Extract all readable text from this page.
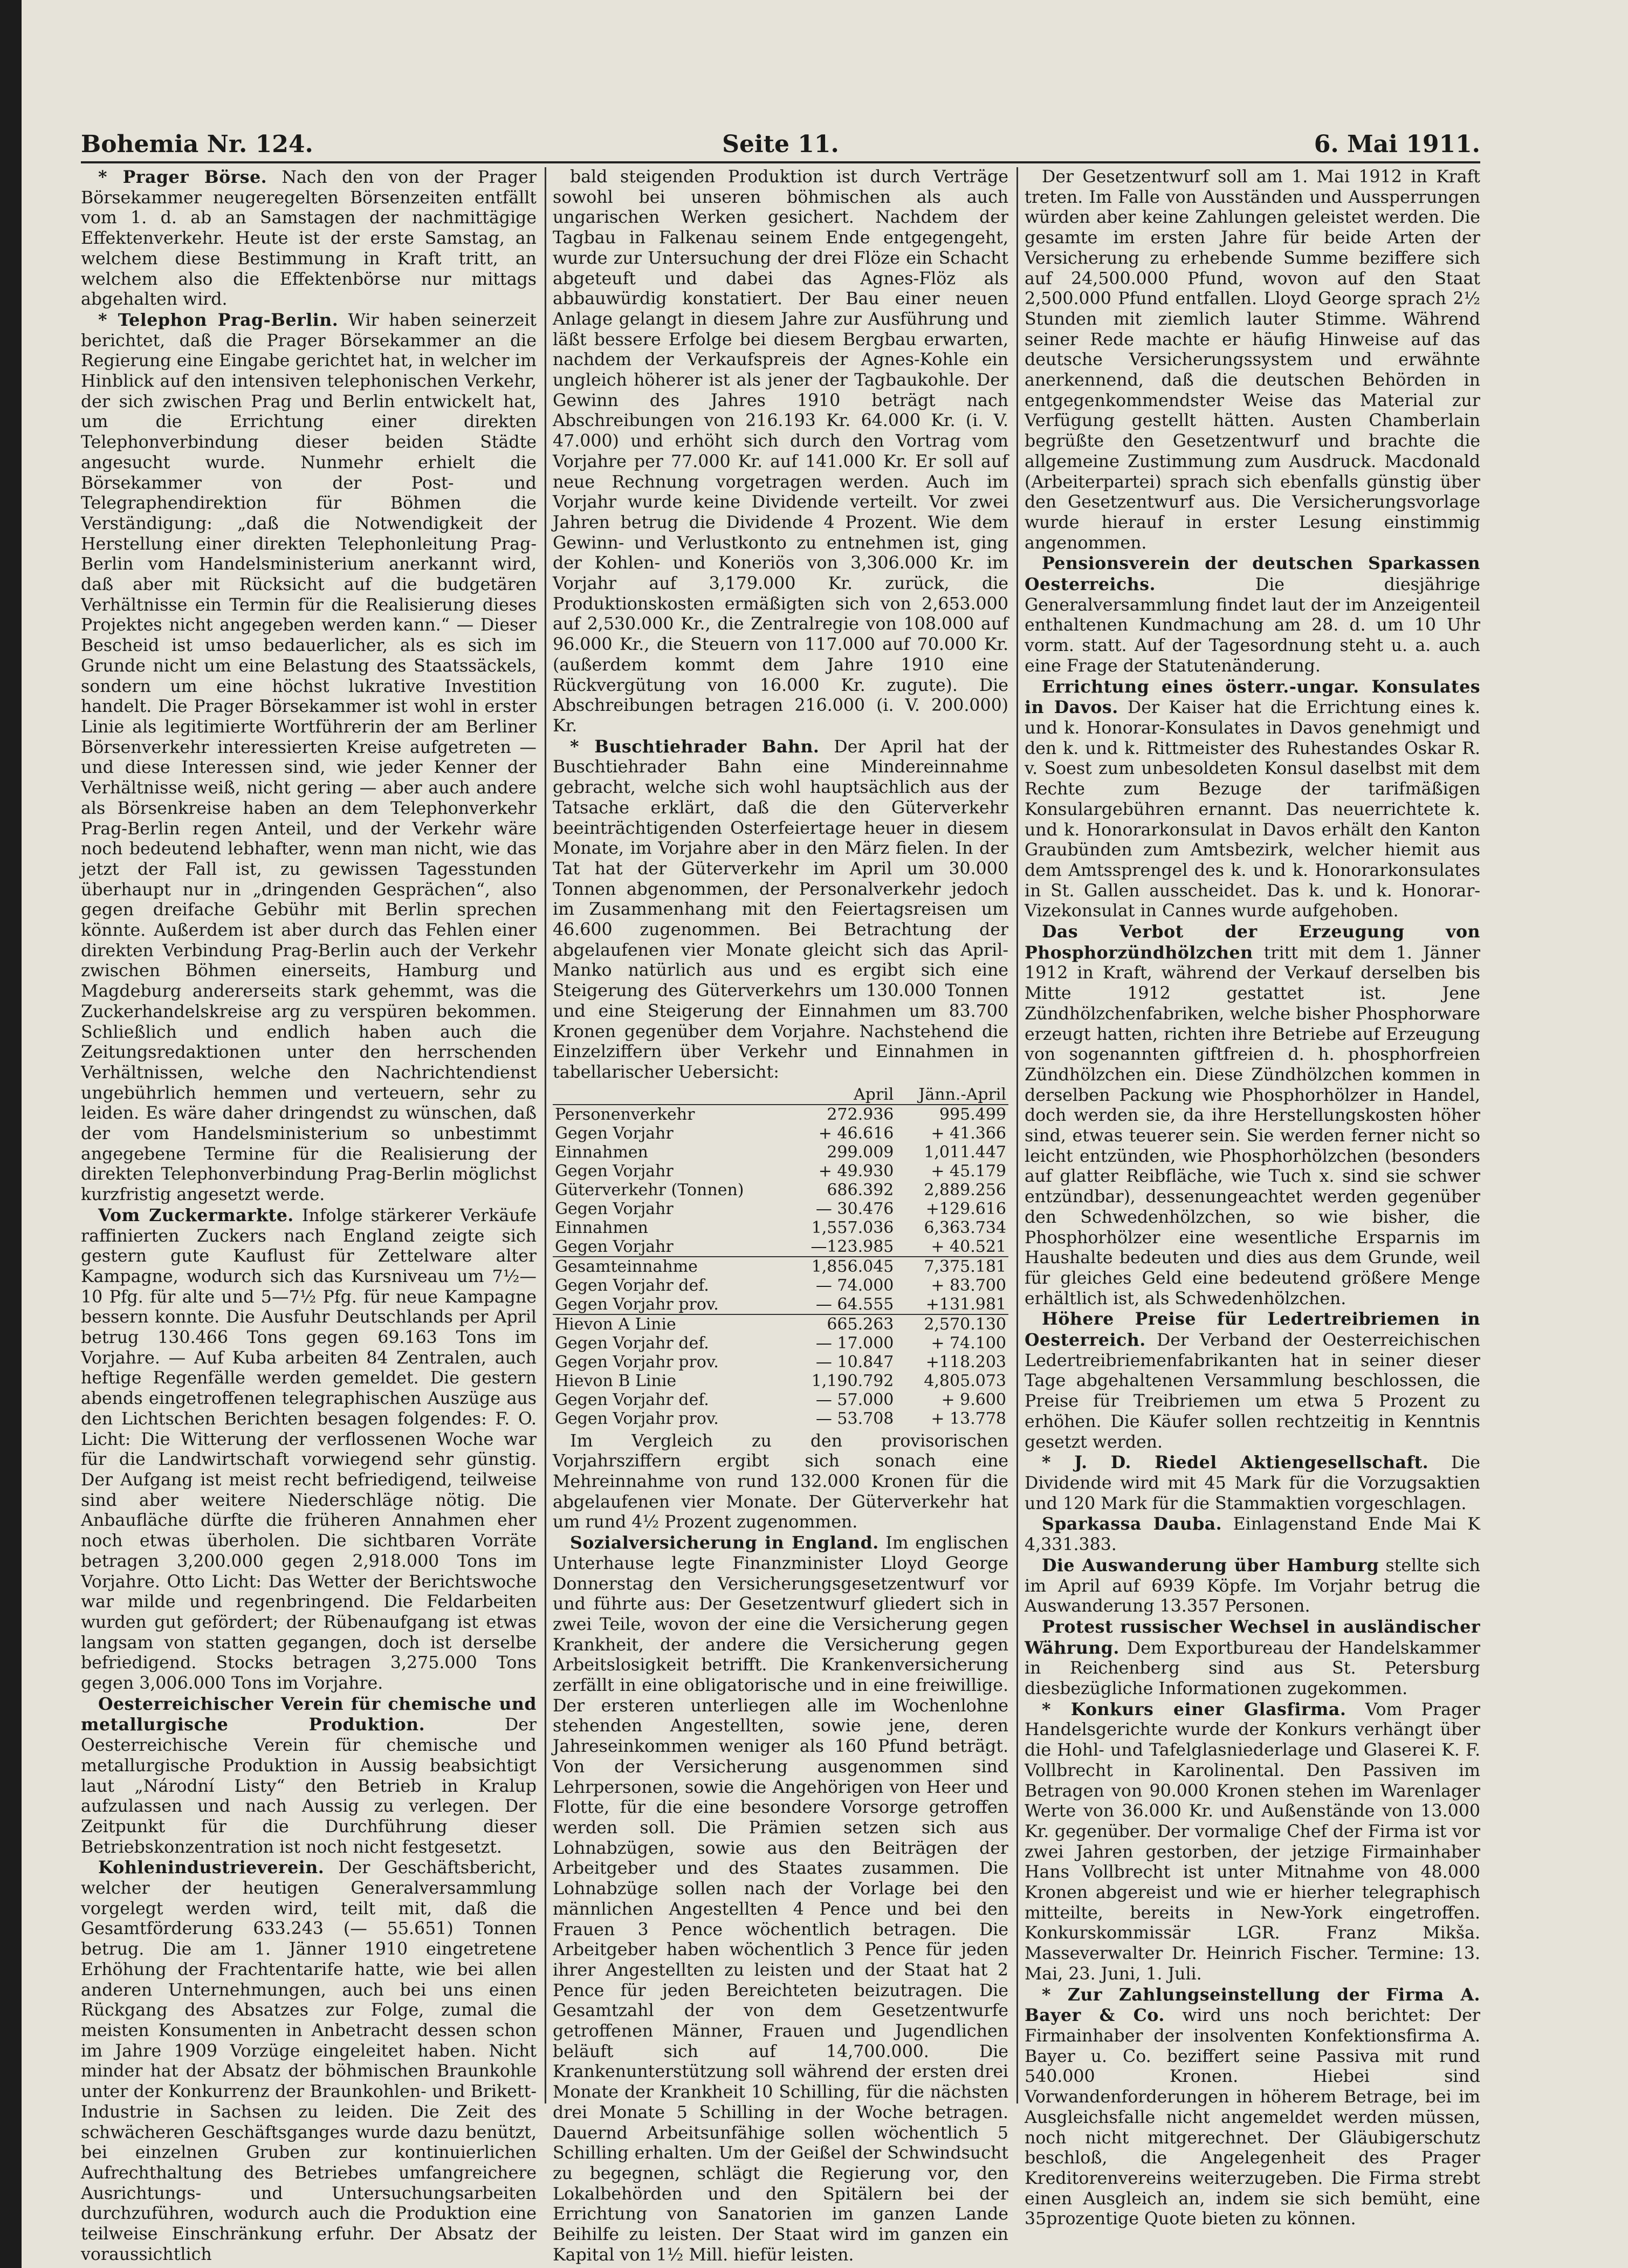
Bohemia Nr. 124.	Seite 11.	6. Mai 1911.

* Prager Börse. Nach den von der Prager Börsekammer neugeregelten Börsenzeiten entfällt vom 1. d. ab an Samstagen der nachmittägige Effektenverkehr. Heute ist der erste Samstag, an welchem diese Bestimmung in Kraft tritt, an welchem also die Effektenbörse nur mittags abgehalten wird.

* Telephon Prag-Berlin. Wir haben seinerzeit berichtet, daß die Prager Börsekammer an die Regierung eine Eingabe gerichtet hat, in welcher im Hinblick auf den intensiven telephonischen Verkehr, der sich zwischen Prag und Berlin entwickelt hat, um die Errichtung einer direkten Telephonverbindung dieser beiden Städte angesucht wurde. Nunmehr erhielt die Börsekammer von der Post- und Telegraphendirektion für Böhmen die Verständigung: „daß die Notwendigkeit der Herstellung einer direkten Telephonleitung Prag-Berlin vom Handelsministerium anerkannt wird, daß aber mit Rücksicht auf die budgetären Verhältnisse ein Termin für die Realisierung dieses Projektes nicht angegeben werden kann.“ — Dieser Bescheid ist umso bedauerlicher, als es sich im Grunde nicht um eine Belastung des Staatssäckels, sondern um eine höchst lukrative Investition handelt. Die Prager Börsekammer ist wohl in erster Linie als legitimierte Wortführerin der am Berliner Börsenverkehr interessierten Kreise aufgetreten — und diese Interessen sind, wie jeder Kenner der Verhältnisse weiß, nicht gering — aber auch andere als Börsenkreise haben an dem Telephonverkehr Prag-Berlin regen Anteil, und der Verkehr wäre noch bedeutend lebhafter, wenn man nicht, wie das jetzt der Fall ist, zu gewissen Tagesstunden überhaupt nur in „dringenden Gesprächen“, also gegen dreifache Gebühr mit Berlin sprechen könnte. Außerdem ist aber durch das Fehlen einer direkten Verbindung Prag-Berlin auch der Verkehr zwischen Böhmen einerseits, Hamburg und Magdeburg andererseits stark gehemmt, was die Zuckerhandelskreise arg zu verspüren bekommen. Schließlich und endlich haben auch die Zeitungsredaktionen unter den herrschenden Verhältnissen, welche den Nachrichtendienst ungebührlich hemmen und verteuern, sehr zu leiden. Es wäre daher dringendst zu wünschen, daß der vom Handelsministerium so unbestimmt angegebene Termine für die Realisierung der direkten Telephonverbindung Prag-Berlin möglichst kurzfristig angesetzt werde.

Vom Zuckermarkte. Infolge stärkerer Verkäufe raffinierten Zuckers nach England zeigte sich gestern gute Kauflust für Zettelware alter Kampagne, wodurch sich das Kursniveau um 7½—10 Pfg. für alte und 5—7½ Pfg. für neue Kampagne bessern konnte. Die Ausfuhr Deutschlands per April betrug 130.466 Tons gegen 69.163 Tons im Vorjahre. — Auf Kuba arbeiten 84 Zentralen, auch heftige Regenfälle werden gemeldet. Die gestern abends eingetroffenen telegraphischen Auszüge aus den Lichtschen Berichten besagen folgendes: F. O. Licht: Die Witterung der verflossenen Woche war für die Landwirtschaft vorwiegend sehr günstig. Der Aufgang ist meist recht befriedigend, teilweise sind aber weitere Niederschläge nötig. Die Anbaufläche dürfte die früheren Annahmen eher noch etwas überholen. Die sichtbaren Vorräte betragen 3,200.000 gegen 2,918.000 Tons im Vorjahre. Otto Licht: Das Wetter der Berichtswoche war milde und regenbringend. Die Feldarbeiten wurden gut gefördert; der Rübenaufgang ist etwas langsam von statten gegangen, doch ist derselbe befriedigend. Stocks betragen 3,275.000 Tons gegen 3,006.000 Tons im Vorjahre.

Oesterreichischer Verein für chemische und metallurgische Produktion.	Der Oesterreichische Verein für chemische und metallurgische Produktion in Aussig beabsichtigt laut „Národní Listy“ den Betrieb in Kralup aufzulassen und nach Aussig zu verlegen. Der Zeitpunkt für die Durchführung dieser Betriebskonzentration ist noch nicht festgesetzt.

Kohlenindustrieverein. Der Geschäftsbericht, welcher der heutigen Generalversammlung vorgelegt werden wird, teilt mit, daß die Gesamtförderung 633.243 (— 55.651) Tonnen betrug. Die am 1. Jänner 1910 eingetretene Erhöhung der Frachtentarife hatte, wie bei allen anderen Unternehmungen, auch bei uns einen Rückgang des Absatzes zur Folge, zumal die meisten Konsumenten in Anbetracht dessen schon im Jahre 1909 Vorzüge eingeleitet haben. Nicht minder hat der Absatz der böhmischen Braunkohle unter der Konkurrenz der Braunkohlen- und Brikett-Industrie in Sachsen zu leiden. Die Zeit des schwächeren Geschäftsganges wurde dazu benützt, bei einzelnen Gruben zur kontinuierlichen Aufrechthaltung des Betriebes umfangreichere Ausrichtungs- und Untersuchungsarbeiten durchzuführen, wodurch auch die Produktion eine teilweise Einschränkung erfuhr. Der Absatz der voraussichtlich

bald steigenden Produktion ist durch Verträge sowohl bei unseren böhmischen als auch ungarischen Werken gesichert. Nachdem der Tagbau in Falkenau seinem Ende entgegengeht, wurde zur Untersuchung der drei Flöze ein Schacht abgeteuft und dabei das Agnes-Flöz als abbauwürdig konstatiert. Der Bau einer neuen Anlage gelangt in diesem Jahre zur Ausführung und läßt bessere Erfolge bei diesem Bergbau erwarten, nachdem der Verkaufspreis der Agnes-Kohle ein ungleich höherer ist als jener der Tagbaukohle. Der Gewinn des Jahres 1910 beträgt nach Abschreibungen von 216.193 Kr. 64.000 Kr. (i. V. 47.000) und erhöht sich durch den Vortrag vom Vorjahre per 77.000 Kr. auf 141.000 Kr. Er soll auf neue Rechnung vorgetragen werden. Auch im Vorjahr wurde keine Dividende verteilt. Vor zwei Jahren betrug die Dividende 4 Prozent. Wie dem Gewinn- und Verlustkonto zu entnehmen ist, ging der Kohlen- und Koneriös von 3,306.000 Kr. im Vorjahr auf 3,179.000 Kr. zurück, die Produktionskosten ermäßigten sich von 2,653.000 auf 2,530.000 Kr., die Zentralregie von 108.000 auf 96.000 Kr., die Steuern von 117.000 auf 70.000 Kr. (außerdem kommt dem Jahre 1910 eine Rückvergütung von 16.000 Kr. zugute). Die Abschreibungen betragen 216.000 (i. V. 200.000) Kr.

* Buschtiehrader Bahn. Der April hat der Buschtiehrader Bahn eine Mindereinnahme gebracht, welche sich wohl hauptsächlich aus der Tatsache erklärt, daß die den Güterverkehr beeinträchtigenden Osterfeiertage heuer in diesem Monate, im Vorjahre aber in den März fielen. In der Tat hat der Güterverkehr im April um 30.000 Tonnen abgenommen, der Personalverkehr jedoch im Zusammenhang mit den Feiertagsreisen um 46.600 zugenommen. Bei Betrachtung der abgelaufenen vier Monate gleicht sich das April-Manko natürlich aus und es ergibt sich eine Steigerung des Güterverkehrs um 130.000 Tonnen und eine Steigerung der Einnahmen um 83.700 Kronen gegenüber dem Vorjahre. Nachstehend die Einzelziffern über Verkehr und Einnahmen in tabellarischer Uebersicht:

	April	Jänn.-April
Personenverkehr	272.936	995.499
Gegen Vorjahr	+ 46.616	+ 41.366
Einnahmen	299.009	1,011.447
Gegen Vorjahr	+ 49.930	+ 45.179
Güterverkehr (Tonnen)	686.392	2,889.256
Gegen Vorjahr	— 30.476	+129.616
Einnahmen	1,557.036	6,363.734
Gegen Vorjahr	—123.985	+ 40.521
Gesamteinnahme	1,856.045	7,375.181
Gegen Vorjahr def.	— 74.000	+ 83.700
Gegen Vorjahr prov.	— 64.555	+131.981
Hievon A Linie	665.263	2,570.130
Gegen Vorjahr def.	— 17.000	+ 74.100
Gegen Vorjahr prov.	— 10.847	+118.203
Hievon B Linie	1,190.792	4,805.073
Gegen Vorjahr def.	— 57.000	+ 9.600
Gegen Vorjahr prov.	— 53.708	+ 13.778

Im Vergleich zu den provisorischen Vorjahrsziffern ergibt sich sonach eine Mehreinnahme von rund 132.000 Kronen für die abgelaufenen vier Monate. Der Güterverkehr hat um rund 4½ Prozent zugenommen.

Sozialversicherung in England. Im englischen Unterhause legte Finanzminister Lloyd George Donnerstag den Versicherungsgesetzentwurf vor und führte aus: Der Gesetzentwurf gliedert sich in zwei Teile, wovon der eine die Versicherung gegen Krankheit, der andere die Versicherung gegen Arbeitslosigkeit betrifft. Die Krankenversicherung zerfällt in eine obligatorische und in eine freiwillige. Der ersteren unterliegen alle im Wochenlohne stehenden Angestellten, sowie jene, deren Jahreseinkommen weniger als 160 Pfund beträgt. Von der Versicherung ausgenommen sind Lehrpersonen, sowie die Angehörigen von Heer und Flotte, für die eine besondere Vorsorge getroffen werden soll. Die Prämien setzen sich aus Lohnabzügen, sowie aus den Beiträgen der Arbeitgeber und des Staates zusammen. Die Lohnabzüge sollen nach der Vorlage bei den männlichen Angestellten 4 Pence und bei den Frauen 3 Pence wöchentlich betragen. Die Arbeitgeber haben wöchentlich 3 Pence für jeden ihrer Angestellten zu leisten und der Staat hat 2 Pence für jeden Bereichteten beizutragen. Die Gesamtzahl der von dem Gesetzentwurfe getroffenen Männer, Frauen und Jugendlichen beläuft sich auf 14,700.000. Die Krankenunterstützung soll während der ersten drei Monate der Krankheit 10 Schilling, für die nächsten drei Monate 5 Schilling in der Woche betragen. Dauernd Arbeitsunfähige sollen wöchentlich 5 Schilling erhalten. Um der Geißel der Schwindsucht zu begegnen, schlägt die Regierung vor, den Lokalbehörden und den Spitälern bei der Errichtung von Sanatorien im ganzen Lande Beihilfe zu leisten. Der Staat wird im ganzen ein Kapital von 1½ Mill. hiefür leisten.

Der Gesetzentwurf soll am 1. Mai 1912 in Kraft treten. Im Falle von Ausständen und Aussperrungen würden aber keine Zahlungen geleistet werden. Die gesamte im ersten Jahre für beide Arten der Versicherung zu erhebende Summe beziffere sich auf 24,500.000 Pfund, wovon auf den Staat 2,500.000 Pfund entfallen. Lloyd George sprach 2½ Stunden mit ziemlich lauter Stimme. Während seiner Rede machte er häufig Hinweise auf das deutsche Versicherungssystem und erwähnte anerkennend, daß die deutschen Behörden in entgegenkommendster Weise das Material zur Verfügung gestellt hätten. Austen Chamberlain begrüßte den Gesetzentwurf und brachte die allgemeine Zustimmung zum Ausdruck. Macdonald (Arbeiterpartei) sprach sich ebenfalls günstig über den Gesetzentwurf aus. Die Versicherungsvorlage wurde hierauf in erster Lesung einstimmig angenommen.

Pensionsverein der deutschen Sparkassen Oesterreichs.	Die diesjährige Generalversammlung findet laut der im Anzeigenteil enthaltenen Kundmachung am 28. d. um 10 Uhr vorm. statt. Auf der Tagesordnung steht u. a. auch eine Frage der Statutenänderung.

Errichtung eines österr.-ungar. Konsulates in Davos. Der Kaiser hat die Errichtung eines k. und k. Honorar-Konsulates in Davos genehmigt und den k. und k. Rittmeister des Ruhestandes Oskar R. v. Soest zum unbesoldeten Konsul daselbst mit dem Rechte zum Bezuge der tarifmäßigen Konsulargebühren ernannt. Das neuerrichtete k. und k. Honorarkonsulat in Davos erhält den Kanton Graubünden zum Amtsbezirk, welcher hiemit aus dem Amtssprengel des k. und k. Honorarkonsulates in St. Gallen ausscheidet. Das k. und k. Honorar-Vizekonsulat in Cannes wurde aufgehoben.

Das Verbot der Erzeugung von Phosphorzündhölzchen tritt mit dem 1. Jänner 1912 in Kraft, während der Verkauf derselben bis Mitte 1912 gestattet ist. Jene Zündhölzchenfabriken, welche bisher Phosphorware erzeugt hatten, richten ihre Betriebe auf Erzeugung von sogenannten giftfreien d. h. phosphorfreien Zündhölzchen ein. Diese Zündhölzchen kommen in derselben Packung wie Phosphorhölzer in Handel, doch werden sie, da ihre Herstellungskosten höher sind, etwas teuerer sein. Sie werden ferner nicht so leicht entzünden, wie Phosphorhölzchen (besonders auf glatter Reibfläche, wie Tuch x. sind sie schwer entzündbar), dessenungeachtet werden gegenüber den Schwedenhölzchen, so wie bisher, die Phosphorhölzer eine wesentliche Ersparnis im Haushalte bedeuten und dies aus dem Grunde, weil für gleiches Geld eine bedeutend größere Menge erhältlich ist, als Schwedenhölzchen.

Höhere Preise für Ledertreibriemen in Oesterreich. Der Verband der Oesterreichischen Ledertreibriemenfabrikanten hat in seiner dieser Tage abgehaltenen Versammlung beschlossen, die Preise für Treibriemen um etwa 5 Prozent zu erhöhen. Die Käufer sollen rechtzeitig in Kenntnis gesetzt werden.

* J. D. Riedel Aktiengesellschaft. Die Dividende wird mit 45 Mark für die Vorzugsaktien und 120 Mark für die Stammaktien vorgeschlagen.

Sparkassa Dauba. Einlagenstand Ende Mai K 4,331.383.

Die Auswanderung über Hamburg stellte sich im April auf 6939 Köpfe. Im Vorjahr betrug die Auswanderung 13.357 Personen.

Protest russischer Wechsel in ausländischer Währung. Dem Exportbureau der Handelskammer in Reichenberg sind aus St. Petersburg diesbezügliche Informationen zugekommen.

* Konkurs einer Glasfirma. Vom Prager Handelsgerichte wurde der Konkurs verhängt über die Hohl- und Tafelglasniederlage und Glaserei K. F. Vollbrecht in Karolinental. Den Passiven im Betragen von 90.000 Kronen stehen im Warenlager Werte von 36.000 Kr. und Außenstände von 13.000 Kr. gegenüber. Der vormalige Chef der Firma ist vor zwei Jahren gestorben, der jetzige Firmainhaber Hans Vollbrecht ist unter Mitnahme von 48.000 Kronen abgereist und wie er hierher telegraphisch mitteilte, bereits in New-York eingetroffen. Konkurskommissär LGR. Franz Mikša. Masseverwalter Dr. Heinrich Fischer. Termine: 13. Mai, 23. Juni, 1. Juli.

* Zur Zahlungseinstellung der Firma A. Bayer & Co. wird uns noch berichtet: Der Firmainhaber der insolventen Konfektionsfirma A. Bayer u. Co. beziffert seine Passiva mit rund 540.000 Kronen. Hiebei sind Vorwandenforderungen in höherem Betrage, bei im Ausgleichsfalle nicht angemeldet werden müssen, noch nicht mitgerechnet. Der Gläubigerschutz beschloß, die Angelegenheit des Prager Kreditorenvereins weiterzugeben. Die Firma strebt einen Ausgleich an, indem sie sich bemüht, eine 35prozentige Quote bieten zu können.
